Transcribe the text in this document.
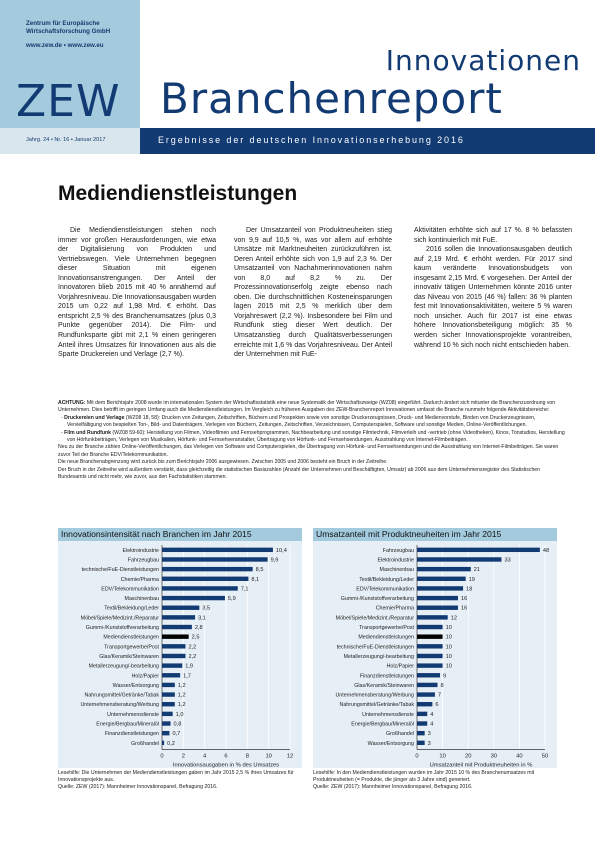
Zentrum für Europäische
Wirtschaftsforschung GmbH
www.zew.de • www.zew.eu
ZEW
Innovationen
Branchenreport
Jahrg. 24 • Nr. 16 • Januar 2017	Ergebnisse der deutschen Innovationserhebung 2016
Mediendienstleistungen

Die Mediendienstleistungen stehen noch immer vor großen Herausforderungen, wie etwa der Digitalisierung von Produkten und Vertriebswegen. Viele Unternehmen begegnen dieser Situation mit eigenen Innovationsanstrengungen. Der Anteil der Innovatoren blieb 2015 mit 40 % annähernd auf Vorjahresniveau. Die Innovationsausgaben wurden 2015 um 0,22 auf 1,98 Mrd. € erhöht. Das entspricht 2,5 % des Branchenumsatzes (plus 0,3 Punkte gegenüber 2014). Die Film- und Rundfunksparte gibt mit 2,1 % einen geringeren Anteil ihres Umsatzes für Innovationen aus als die Sparte Druckereien und Verlage (2,7 %).

Der Umsatzanteil von Produktneuheiten stieg von 9,9 auf 10,5 %, was vor allem auf erhöhte Umsätze mit Marktneuheiten zurückzuführen ist. Deren Anteil erhöhte sich von 1,9 auf 2,3 %. Der Umsatzanteil von Nachahmerinnovationen nahm von 8,0 auf 8,2 % zu. Der Prozessinnovationserfolg zeigte ebenso nach oben. Die durchschnittlichen Kosteneinsparungen lagen 2015 mit 2,5 % merklich über dem Vorjahreswert (2,2 %). Insbesondere bei Film und Rundfunk stieg dieser Wert deutlich. Der Umsatzanstieg durch Qualitätsverbesserungen erreichte mit 1,6 % das Vorjahresniveau. Der Anteil der Unternehmen mit FuE-

Aktivitäten erhöhte sich auf 17 %. 8 % befassten sich kontinuierlich mit FuE.

2016 sollen die Innovationsausgaben deutlich auf 2,19 Mrd. € erhöht werden. Für 2017 sind kaum veränderte Innovationsbudgets von insgesamt 2,15 Mrd. € vorgesehen. Der Anteil der innovativ tätigen Unternehmen könnte 2016 unter das Niveau von 2015 (46 %) fallen: 36 % planten fest mit Innovationsaktivitäten, weitere 5 % waren noch unsicher. Auch für 2017 ist eine etwas höhere Innovationsbeteiligung möglich: 35 % werden sicher Innovationsprojekte vorantreiben, während 10 % sich noch nicht entschieden haben.

ACHTUNG: Mit dem Berichtsjahr 2008 wurde im internationalen System der Wirtschaftsstatistik eine neue Systematik der Wirtschaftszweige (WZ08) eingeführt. Dadurch ändert sich mitunter die Branchenzuordnung von Unternehmen. Dies betrifft im geringen Umfang auch die Mediendienstleistungen. Im Vergleich zu früheren Ausgaben des ZEW-Branchenreport Innovationen umfasst die Branche nunmehr folgende Aktivitätsbereiche:
- Druckereien und Verlage (WZ08 18, 58): Drucken von Zeitungen, Zeitschriften, Büchern und Prospekten sowie von sonstige Druckerzeugnissen, Druck- und Medienvorstufe, Binden von Druckerzeugnissen, Vervielfältigung von bespielten Ton-, Bild- und Datenträgern, Verlegen von Büchern, Zeitungen, Zeitschriften, Verzeichnissen, Computerspielen, Software und sonstige Medien, Online-Veröffentlichungen.
- Film und Rundfunk (WZ08 59-60): Herstellung von Filmen, Videofilmen und Fernsehprogrammen, Nachbearbeitung und sonstige Filmtechnik, Filmverleih und -vertrieb (ohne Videotheken), Kinos, Tonstudios, Herstellung von Hörfunkbeiträgen, Verlegen von Musikalien, Hörfunk- und Fernsehveranstalter, Übertragung von Hörfunk- und Fernsehsendungen, Ausstrahlung von Internet-Filmbeiträgen.
Neu zu der Branche zählen Online-Veröffentlichungen, das Verlegen von Software und Computerspielen, die Übertragung von Hörfunk- und Fernsehsendungen und die Ausstrahlung von Internet-Filmbeiträgen. Sie waren zuvor Teil der Branche EDV/Telekommunikation.
Die neue Branchenabgrenzung wird zurück bis zum Berichtsjahr 2006 ausgewiesen. Zwischen 2005 und 2006 besteht ein Bruch in der Zeitreihe.
Der Bruch in der Zeitreihe wird außerdem verstärkt, dass gleichzeitig die statistischen Basiszahlen (Anzahl der Unternehmen und Beschäftigten, Umsatz) ab 2006 aus dem Unternehmensregister des Statistischen Bundesamts und nicht mehr, wie zuvor, aus den Fachstatistiken stammen.
Innovationsintensität nach Branchen im Jahr 2015
0	2	4	6	8	10	12
Elektroindustrie	10,4
Fahrzeugbau	9,9
technische/FuE-Dienstleistungen	8,5
Chemie/Pharma	8,1
EDV/Telekommunikation	7,1
Maschinenbau	5,9
Textil/Bekleidung/Leder	3,5
Möbel/Spiele/Medizint./Reparatur	3,1
Gummi-/Kunststoffverarbeitung	2,8
Mediendienstleistungen	2,5
Transportgewerbe/Post	2,2
Glas/Keramik/Steinwaren	2,2
Metallerzeugung/-bearbeitung	1,9
Holz/Papier	1,7
Wasser/Entsorgung	1,2
Nahrungsmittel/Getränke/Tabak	1,2
Unternehmensberatung/Werbung	1,2
Unternehmensdienste	1,0
Energie/Bergbau/Mineralöl	0,8
Finanzdienstleistungen 0,7
Großhandel 0,2
Innovationsausgaben in % des Umsatzes
Umsatzanteil mit Produktneuheiten im Jahr 2015
0	10	20	30	40	50
Fahrzeugbau	48
Elektroindustrie	33
Maschinenbau	21
Textil/Bekleidung/Leder	19
EDV/Telekommunikation	18
Gummi-/Kunststoffverarbeitung	16
Chemie/Pharma	16
Möbel/Spiele/Medizint./Reparatur	12
Transportgewerbe/Post	10
Mediendienstleistungen	10
technische/FuE-Dienstleistungen	10
Metallerzeugung/-bearbeitung	10
Holz/Papier	10
Finanzdienstleistungen	9
Glas/Keramik/Steinwaren	8
Unternehmensberatung/Werbung	7
Nahrungsmittel/Getränke/Tabak	6
Unternehmensdienste	4
Energie/Bergbau/Mineralöl	4
Großhandel 3
Wasser/Entsorgung 3
Umsatzanteil mit Produktneuheiten in %
Lesehilfe: Die Unternehmen der Mediendienstleistungen gaben im Jahr 2015 2,5 % ihres Umsatzes für Innovationsprojekte aus.
Quelle: ZEW (2017): Mannheimer Innovationspanel, Befragung 2016.
Lesehilfe: In den Mediendienstleistungen wurden im Jahr 2015 10 % des Branchenumsatzes mit Produktneuheiten (= Produkte, die jünger als 3 Jahre sind) generiert.
Quelle: ZEW (2017): Mannheimer Innovationspanel, Befragung 2016.
